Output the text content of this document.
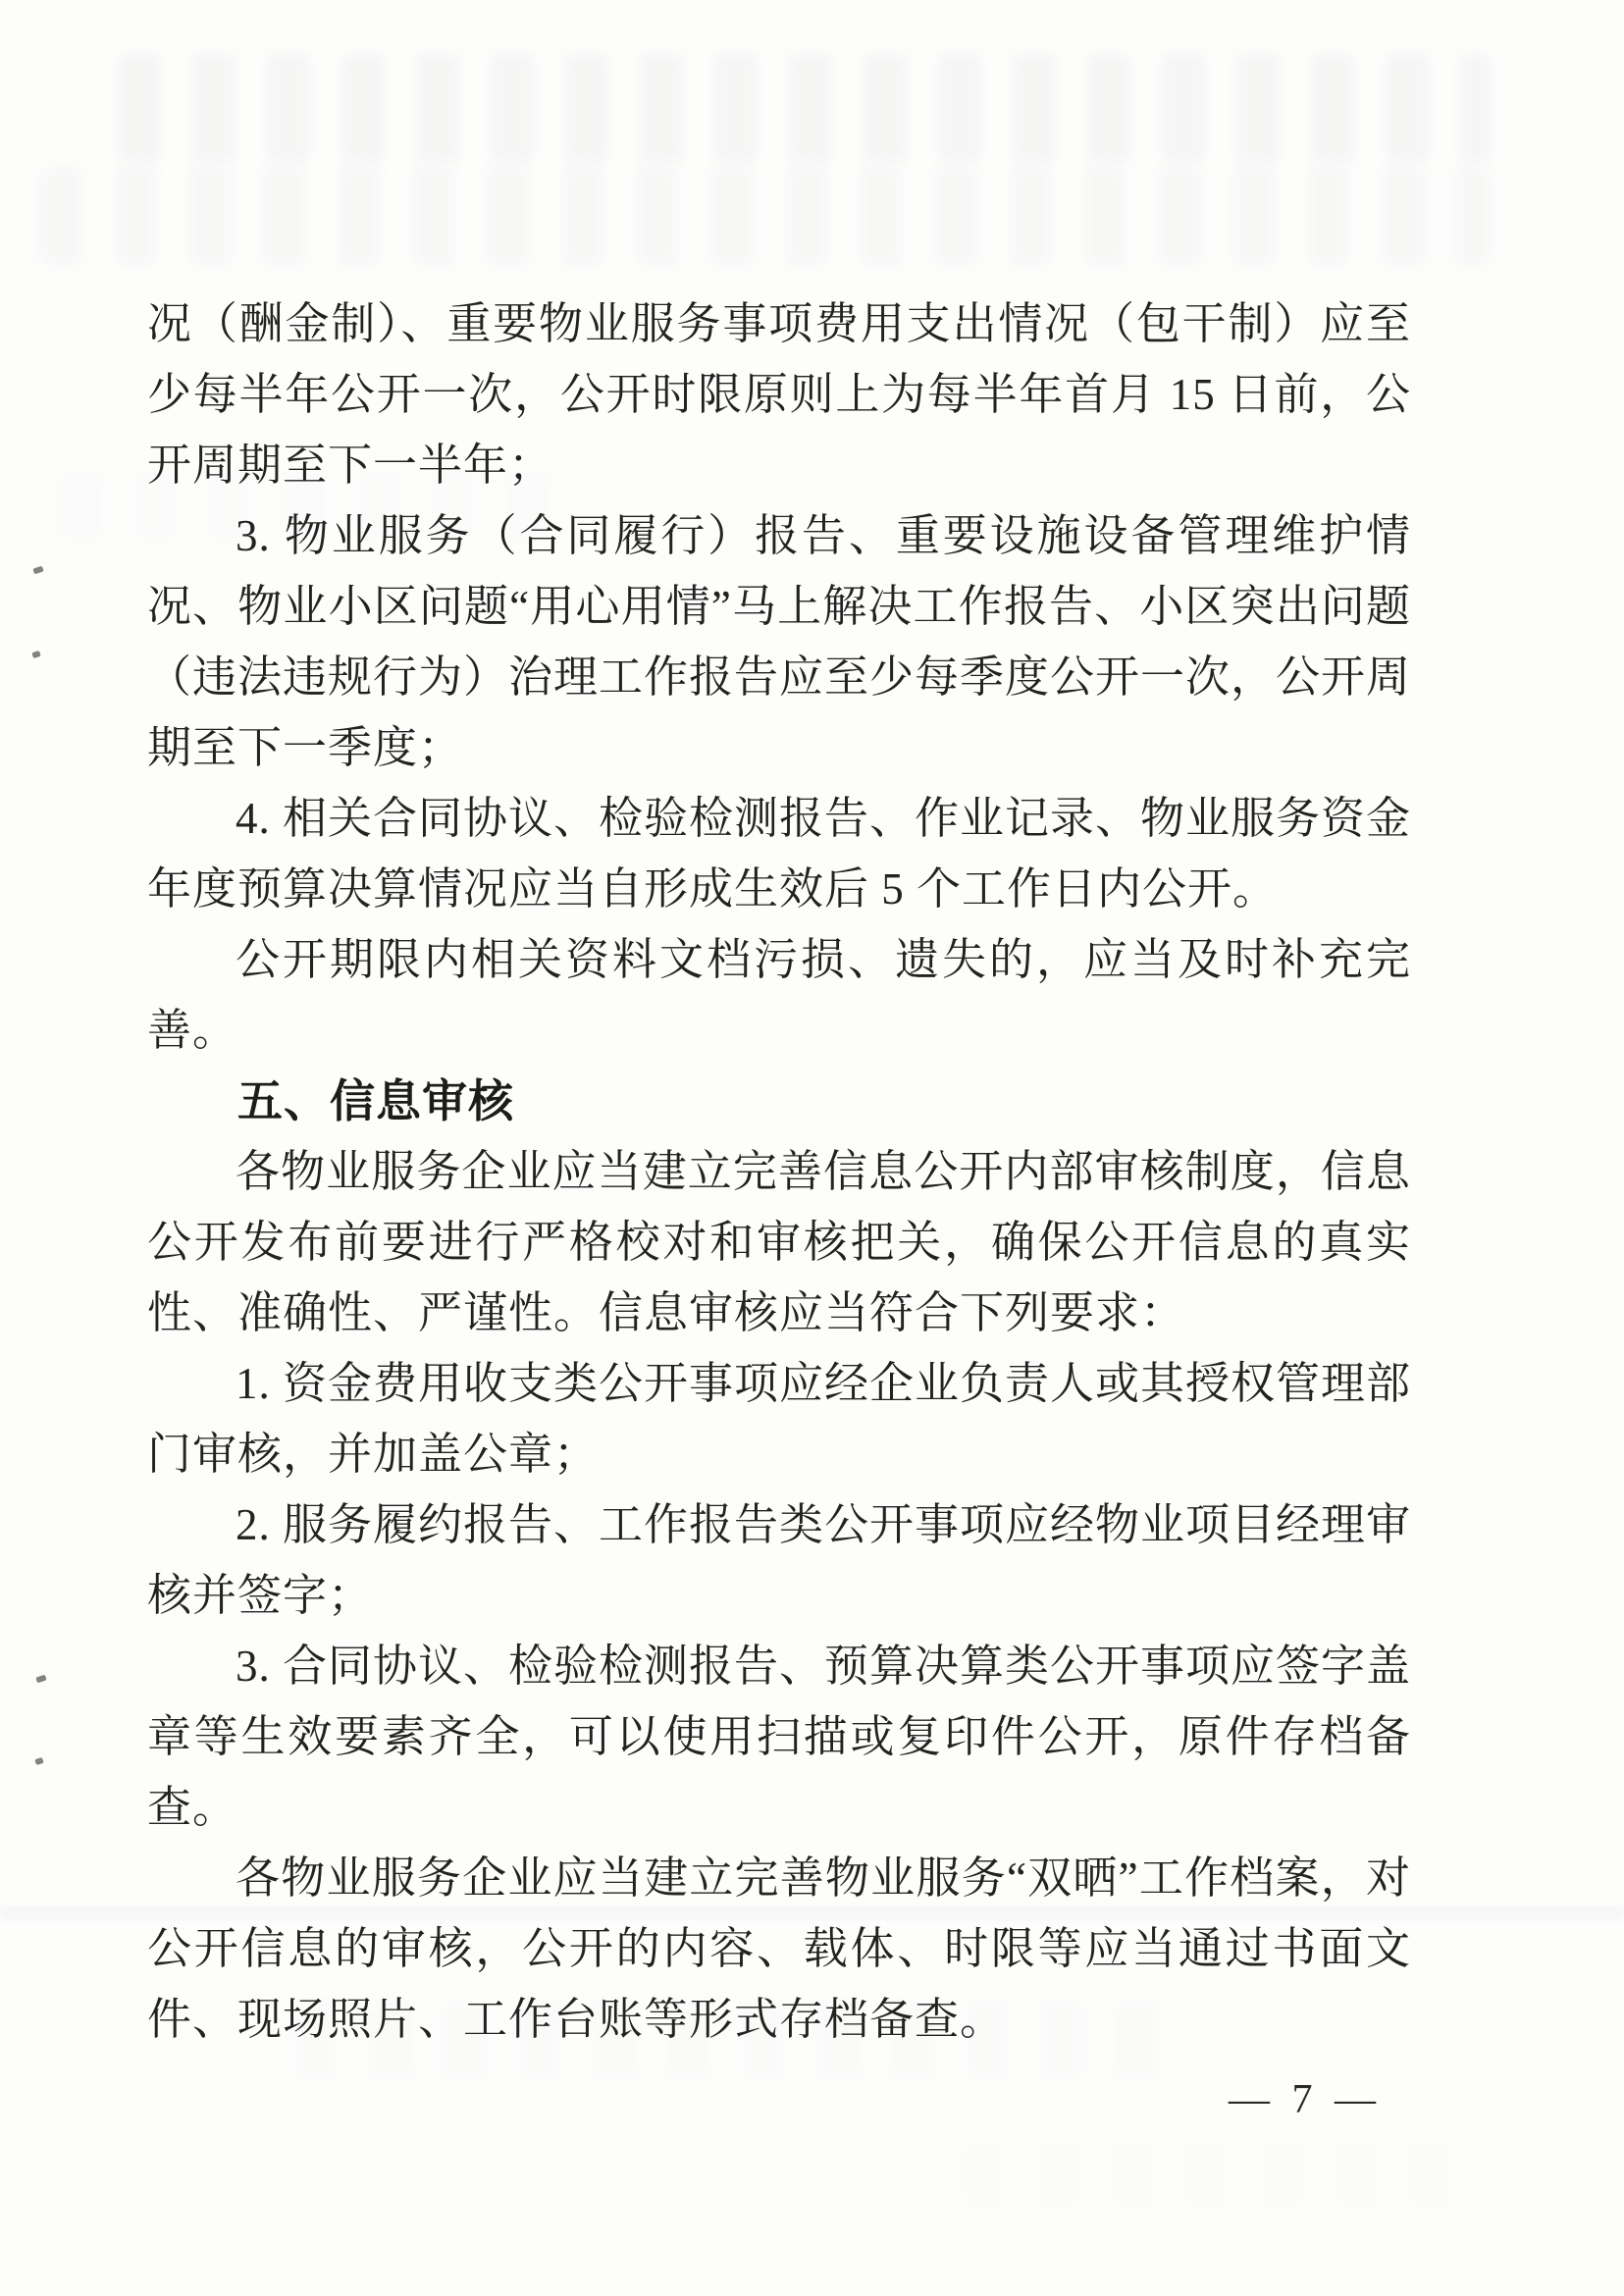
况（酬金制）、重要物业服务事项费用支出情况（包干制）应至少每半年公开一次，公开时限原则上为每半年首月 15 日前，公开周期至下一半年；

3. 物业服务（合同履行）报告、重要设施设备管理维护情况、物业小区问题“用心用情”马上解决工作报告、小区突出问题（违法违规行为）治理工作报告应至少每季度公开一次，公开周期至下一季度；

4. 相关合同协议、检验检测报告、作业记录、物业服务资金年度预算决算情况应当自形成生效后 5 个工作日内公开。

公开期限内相关资料文档污损、遗失的，应当及时补充完善。

五、信息审核

各物业服务企业应当建立完善信息公开内部审核制度，信息公开发布前要进行严格校对和审核把关，确保公开信息的真实性、准确性、严谨性。信息审核应当符合下列要求：

1. 资金费用收支类公开事项应经企业负责人或其授权管理部门审核，并加盖公章；

2. 服务履约报告、工作报告类公开事项应经物业项目经理审核并签字；

3. 合同协议、检验检测报告、预算决算类公开事项应签字盖章等生效要素齐全，可以使用扫描或复印件公开，原件存档备查。

各物业服务企业应当建立完善物业服务“双晒”工作档案，对公开信息的审核，公开的内容、载体、时限等应当通过书面文件、现场照片、工作台账等形式存档备查。

— 7 —
